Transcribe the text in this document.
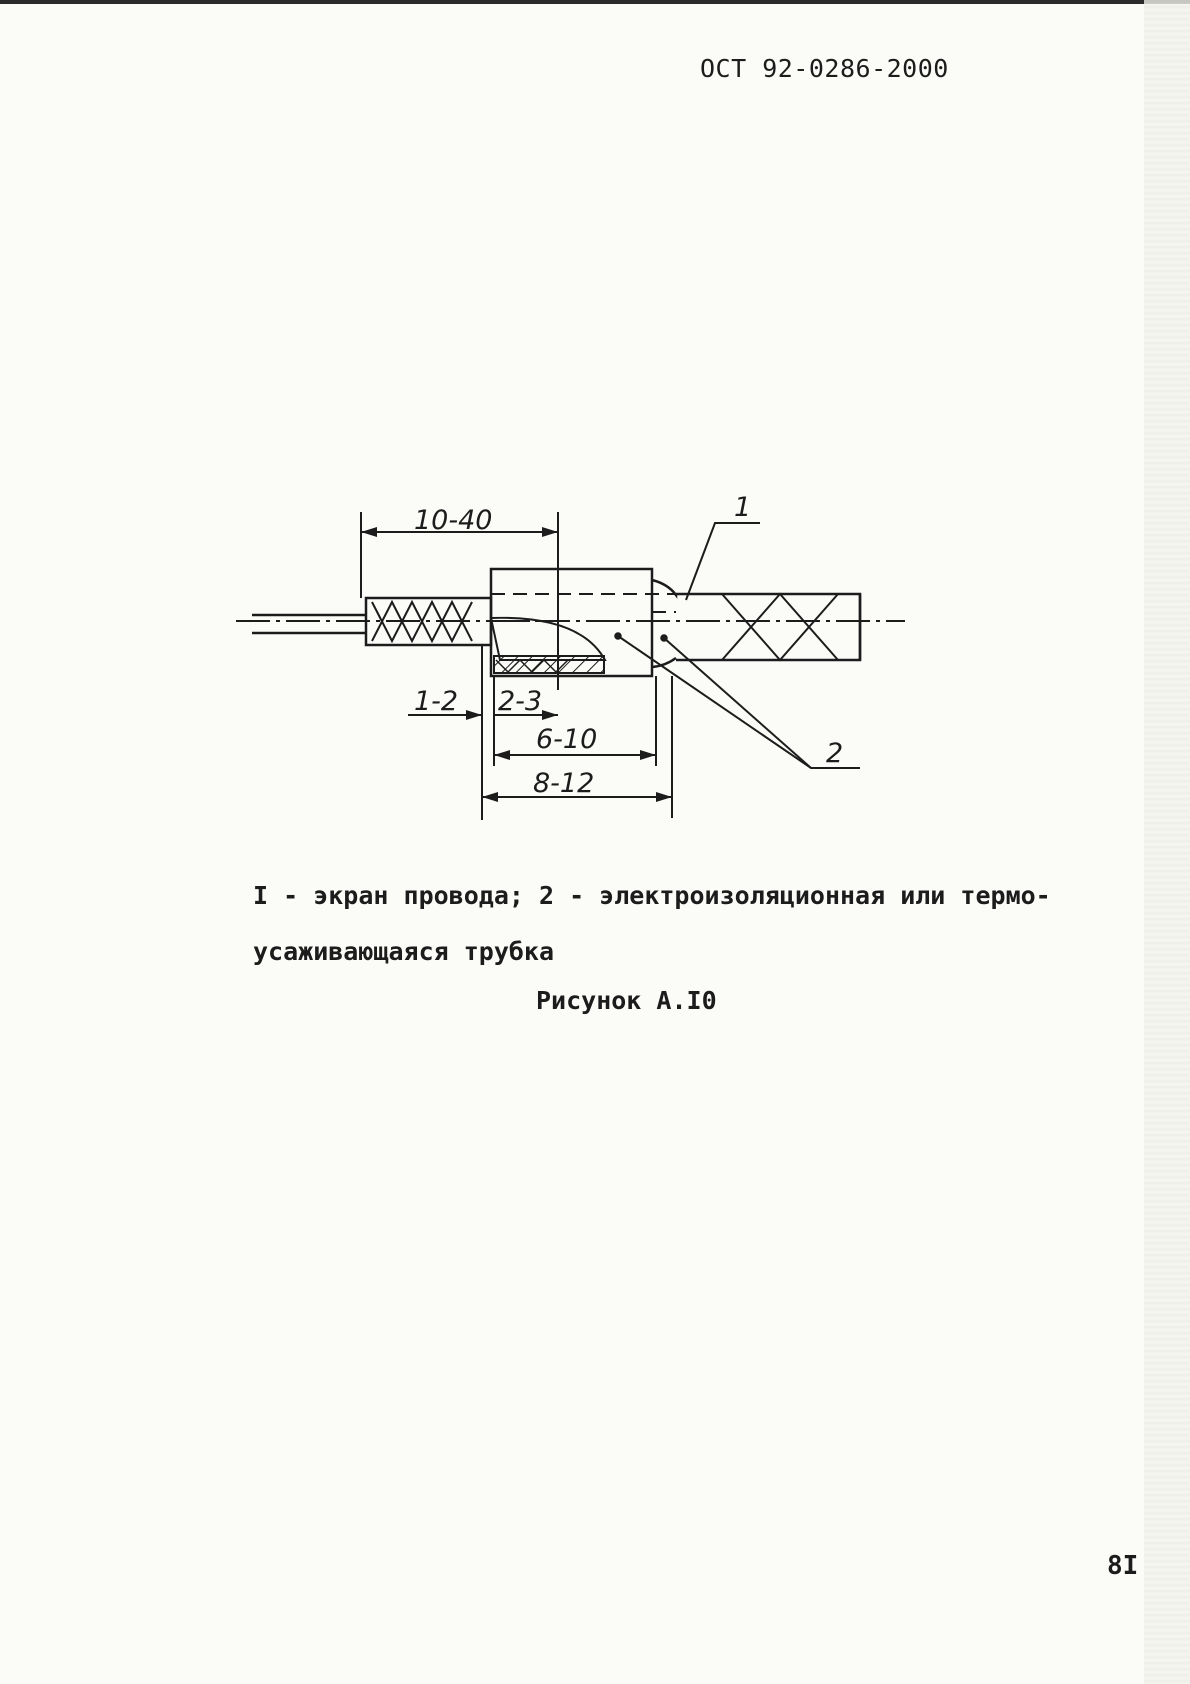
ОСТ 92-0286-2000
10-40
1-2 2-3
6-10
8-12
1
2

I - экран провода; 2 - электроизоляционная или термо-

усаживающаяся трубка

Рисунок А.I0
8I
